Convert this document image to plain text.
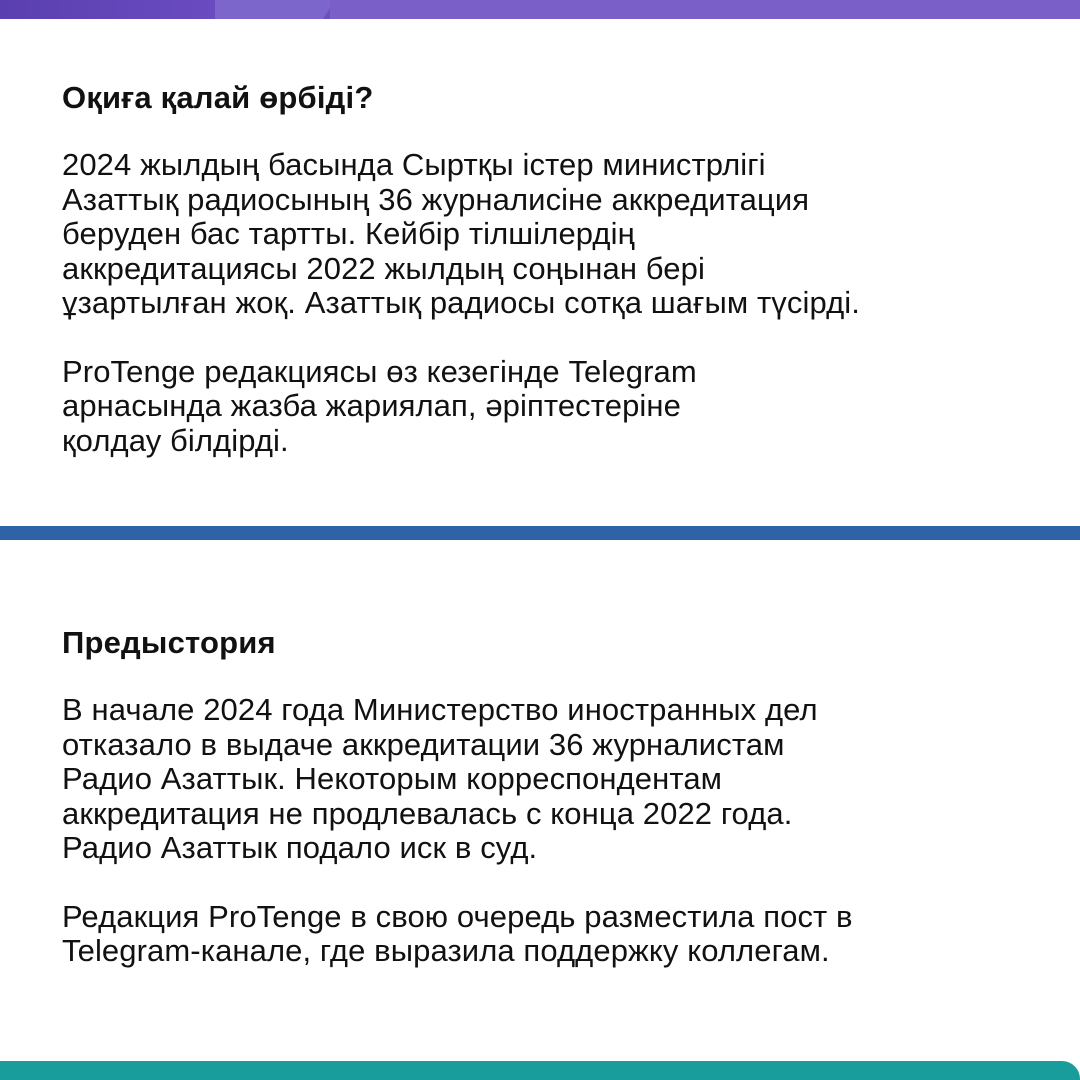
Оқиға қалай өрбіді?
2024 жылдың басында Сыртқы істер министрлігі
Азаттық радиосының 36 журналисіне аккредитация
беруден бас тартты. Кейбір тілшілердің
аккредитациясы 2022 жылдың соңынан бері
ұзартылған жоқ. Азаттық радиосы сотқа шағым түсірді.
ProTenge редакциясы өз кезегінде Telegram
арнасында жазба жариялап, әріптестеріне
қолдау білдірді.
Предыстория
В начале 2024 года Министерство иностранных дел
отказало в выдаче аккредитации 36 журналистам
Радио Азаттык. Некоторым корреспондентам
аккредитация не продлевалась с конца 2022 года.
Радио Азаттык подало иск в суд.
Редакция ProTenge в свою очередь разместила пост в
Telegram-канале, где выразила поддержку коллегам.
